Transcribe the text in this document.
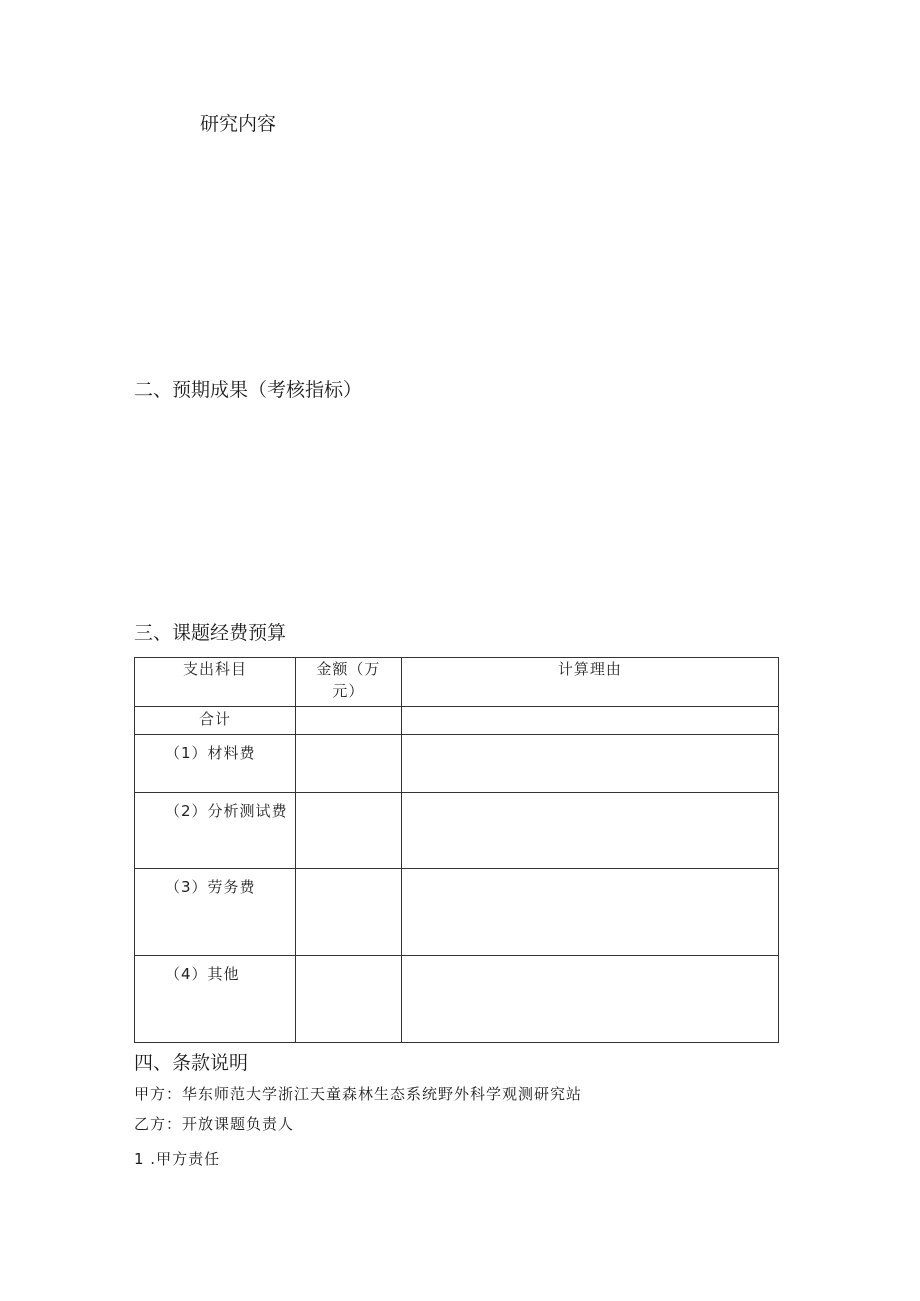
研究内容
二、预期成果（考核指标）
三、课题经费预算
支出科目	金额（万元）	计算理由

合计		

（1）材料费		

（2）分析测试费		

（3）劳务费		

（4）其他		

四、条款说明
甲方：华东师范大学浙江天童森林生态系统野外科学观测研究站
乙方：开放课题负责人
1 .甲方责任
